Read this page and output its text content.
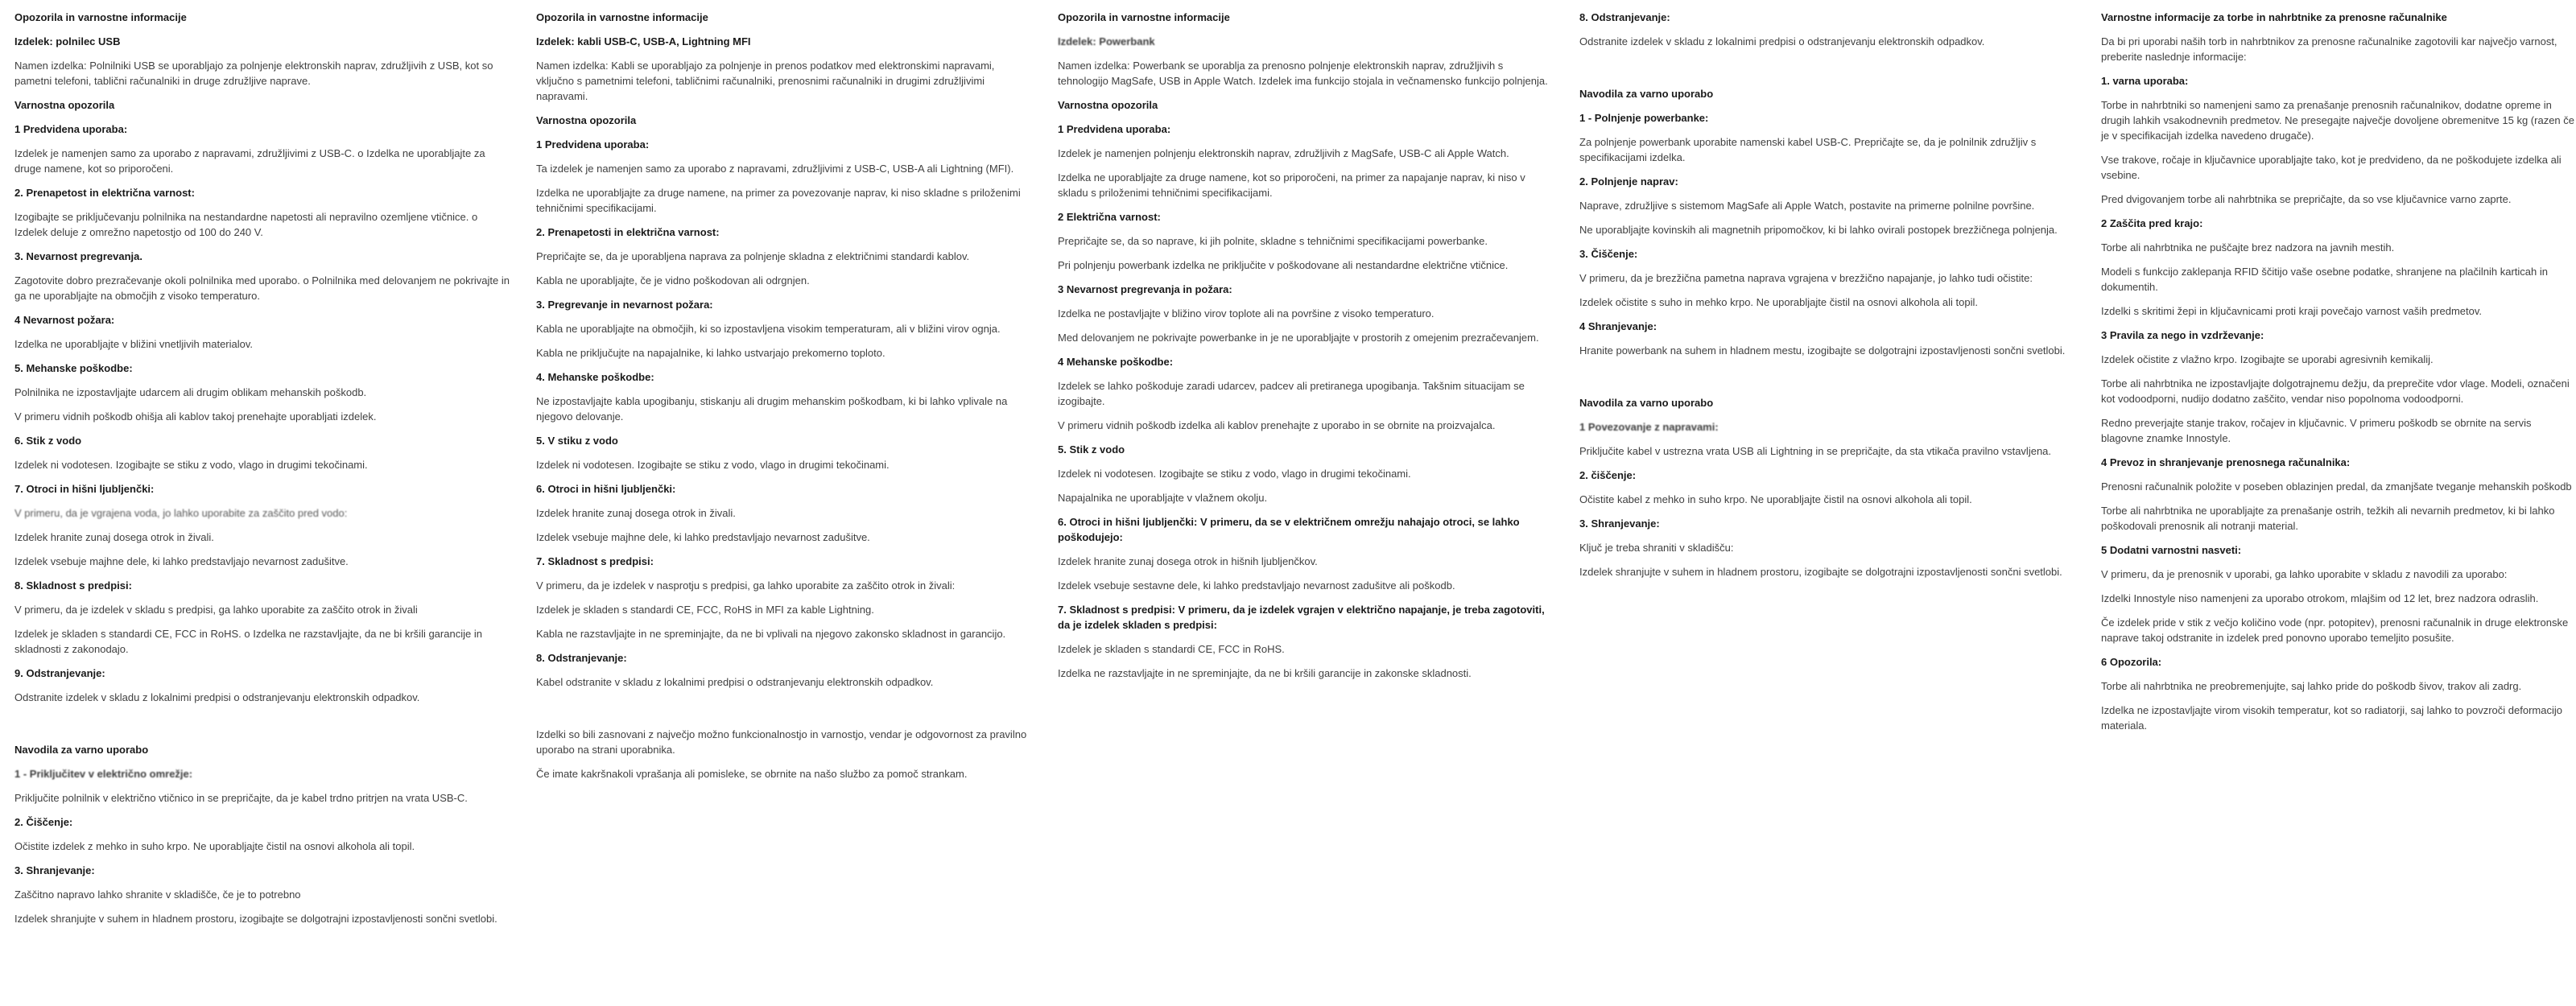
Opozorila in varnostne informacije
Izdelek: polnilec USB

Namen izdelka: Polnilniki USB se uporabljajo za polnjenje elektronskih naprav, združljivih z USB, kot so pametni telefoni, tablični računalniki in druge združljive naprave.

Varnostna opozorila
1 Predvidena uporaba:

Izdelek je namenjen samo za uporabo z napravami, združljivimi z USB-C. o Izdelka ne uporabljajte za druge namene, kot so priporočeni.

2. Prenapetost in električna varnost:

Izogibajte se priključevanju polnilnika na nestandardne napetosti ali nepravilno ozemljene vtičnice. o Izdelek deluje z omrežno napetostjo od 100 do 240 V.

3. Nevarnost pregrevanja.

Zagotovite dobro prezračevanje okoli polnilnika med uporabo. o Polnilnika med delovanjem ne pokrivajte in ga ne uporabljajte na območjih z visoko temperaturo.

4 Nevarnost požara:

Izdelka ne uporabljajte v bližini vnetljivih materialov.

5. Mehanske poškodbe:

Polnilnika ne izpostavljajte udarcem ali drugim oblikam mehanskih poškodb.

V primeru vidnih poškodb ohišja ali kablov takoj prenehajte uporabljati izdelek.

6. Stik z vodo

Izdelek ni vodotesen. Izogibajte se stiku z vodo, vlago in drugimi tekočinami.

7. Otroci in hišni ljubljenčki:

V primeru, da je vgrajena voda, jo lahko uporabite za zaščito pred vodo:

Izdelek hranite zunaj dosega otrok in živali.

Izdelek vsebuje majhne dele, ki lahko predstavljajo nevarnost zadušitve.

8. Skladnost s predpisi:

V primeru, da je izdelek v skladu s predpisi, ga lahko uporabite za zaščito otrok in živali

Izdelek je skladen s standardi CE, FCC in RoHS. o Izdelka ne razstavljajte, da ne bi kršili garancije in skladnosti z zakonodajo.

9. Odstranjevanje:

Odstranite izdelek v skladu z lokalnimi predpisi o odstranjevanju elektronskih odpadkov.

Navodila za varno uporabo
1 - Priključitev v električno omrežje:

Priključite polnilnik v električno vtičnico in se prepričajte, da je kabel trdno pritrjen na vrata USB-C.

2. Čiščenje:

Očistite izdelek z mehko in suho krpo. Ne uporabljajte čistil na osnovi alkohola ali topil.

3. Shranjevanje:

Zaščitno napravo lahko shranite v skladišče, če je to potrebno

Izdelek shranjujte v suhem in hladnem prostoru, izogibajte se dolgotrajni izpostavljenosti sončni svetlobi.

Opozorila in varnostne informacije
Izdelek: kabli USB-C, USB-A, Lightning MFI

Namen izdelka: Kabli se uporabljajo za polnjenje in prenos podatkov med elektronskimi napravami, vključno s pametnimi telefoni, tabličnimi računalniki, prenosnimi računalniki in drugimi združljivimi napravami.

Varnostna opozorila
1 Predvidena uporaba:

Ta izdelek je namenjen samo za uporabo z napravami, združljivimi z USB-C, USB-A ali Lightning (MFI).

Izdelka ne uporabljajte za druge namene, na primer za povezovanje naprav, ki niso skladne s priloženimi tehničnimi specifikacijami.

2. Prenapetosti in električna varnost:

Prepričajte se, da je uporabljena naprava za polnjenje skladna z električnimi standardi kablov.

Kabla ne uporabljajte, če je vidno poškodovan ali odrgnjen.

3. Pregrevanje in nevarnost požara:

Kabla ne uporabljajte na območjih, ki so izpostavljena visokim temperaturam, ali v bližini virov ognja.

Kabla ne priključujte na napajalnike, ki lahko ustvarjajo prekomerno toploto.

4. Mehanske poškodbe:

Ne izpostavljajte kabla upogibanju, stiskanju ali drugim mehanskim poškodbam, ki bi lahko vplivale na njegovo delovanje.

5. V stiku z vodo

Izdelek ni vodotesen. Izogibajte se stiku z vodo, vlago in drugimi tekočinami.

6. Otroci in hišni ljubljenčki:

Izdelek hranite zunaj dosega otrok in živali.

Izdelek vsebuje majhne dele, ki lahko predstavljajo nevarnost zadušitve.

7. Skladnost s predpisi:

V primeru, da je izdelek v nasprotju s predpisi, ga lahko uporabite za zaščito otrok in živali:

Izdelek je skladen s standardi CE, FCC, RoHS in MFI za kable Lightning.

Kabla ne razstavljajte in ne spreminjajte, da ne bi vplivali na njegovo zakonsko skladnost in garancijo.

8. Odstranjevanje:

Kabel odstranite v skladu z lokalnimi predpisi o odstranjevanju elektronskih odpadkov.

Izdelki so bili zasnovani z največjo možno funkcionalnostjo in varnostjo, vendar je odgovornost za pravilno uporabo na strani uporabnika.

Če imate kakršnakoli vprašanja ali pomisleke, se obrnite na našo službo za pomoč strankam.

Opozorila in varnostne informacije
Izdelek: Powerbank

Namen izdelka: Powerbank se uporablja za prenosno polnjenje elektronskih naprav, združljivih s tehnologijo MagSafe, USB in Apple Watch. Izdelek ima funkcijo stojala in večnamensko funkcijo polnjenja.

Varnostna opozorila
1 Predvidena uporaba:

Izdelek je namenjen polnjenju elektronskih naprav, združljivih z MagSafe, USB-C ali Apple Watch.

Izdelka ne uporabljajte za druge namene, kot so priporočeni, na primer za napajanje naprav, ki niso v skladu s priloženimi tehničnimi specifikacijami.

2 Električna varnost:

Prepričajte se, da so naprave, ki jih polnite, skladne s tehničnimi specifikacijami powerbanke.

Pri polnjenju powerbank izdelka ne priključite v poškodovane ali nestandardne električne vtičnice.

3 Nevarnost pregrevanja in požara:

Izdelka ne postavljajte v bližino virov toplote ali na površine z visoko temperaturo.

Med delovanjem ne pokrivajte powerbanke in je ne uporabljajte v prostorih z omejenim prezračevanjem.

4 Mehanske poškodbe:

Izdelek se lahko poškoduje zaradi udarcev, padcev ali pretiranega upogibanja. Takšnim situacijam se izogibajte.

V primeru vidnih poškodb izdelka ali kablov prenehajte z uporabo in se obrnite na proizvajalca.

5. Stik z vodo

Izdelek ni vodotesen. Izogibajte se stiku z vodo, vlago in drugimi tekočinami.

Napajalnika ne uporabljajte v vlažnem okolju.

6. Otroci in hišni ljubljenčki: V primeru, da se v električnem omrežju nahajajo otroci, se lahko poškodujejo:

Izdelek hranite zunaj dosega otrok in hišnih ljubljenčkov.

Izdelek vsebuje sestavne dele, ki lahko predstavljajo nevarnost zadušitve ali poškodb.

7. Skladnost s predpisi: V primeru, da je izdelek vgrajen v električno napajanje, je treba zagotoviti, da je izdelek skladen s predpisi:

Izdelek je skladen s standardi CE, FCC in RoHS.

Izdelka ne razstavljajte in ne spreminjajte, da ne bi kršili garancije in zakonske skladnosti.

8. Odstranjevanje:

Odstranite izdelek v skladu z lokalnimi predpisi o odstranjevanju elektronskih odpadkov.

Navodila za varno uporabo
1 - Polnjenje powerbanke:

Za polnjenje powerbank uporabite namenski kabel USB-C. Prepričajte se, da je polnilnik združljiv s specifikacijami izdelka.

2. Polnjenje naprav:

Naprave, združljive s sistemom MagSafe ali Apple Watch, postavite na primerne polnilne površine.

Ne uporabljajte kovinskih ali magnetnih pripomočkov, ki bi lahko ovirali postopek brezžičnega polnjenja.

3. Čiščenje:

V primeru, da je brezžična pametna naprava vgrajena v brezžično napajanje, jo lahko tudi očistite:

Izdelek očistite s suho in mehko krpo. Ne uporabljajte čistil na osnovi alkohola ali topil.

4 Shranjevanje:

Hranite powerbank na suhem in hladnem mestu, izogibajte se dolgotrajni izpostavljenosti sončni svetlobi.

Navodila za varno uporabo
1 Povezovanje z napravami:

Priključite kabel v ustrezna vrata USB ali Lightning in se prepričajte, da sta vtikača pravilno vstavljena.

2. čiščenje:

Očistite kabel z mehko in suho krpo. Ne uporabljajte čistil na osnovi alkohola ali topil.

3. Shranjevanje:

Ključ je treba shraniti v skladišču:

Izdelek shranjujte v suhem in hladnem prostoru, izogibajte se dolgotrajni izpostavljenosti sončni svetlobi.

Varnostne informacije za torbe in nahrbtnike za prenosne računalnike

Da bi pri uporabi naših torb in nahrbtnikov za prenosne računalnike zagotovili kar največjo varnost, preberite naslednje informacije:

1. varna uporaba:

Torbe in nahrbtniki so namenjeni samo za prenašanje prenosnih računalnikov, dodatne opreme in drugih lahkih vsakodnevnih predmetov. Ne presegajte največje dovoljene obremenitve 15 kg (razen če je v specifikacijah izdelka navedeno drugače).

Vse trakove, ročaje in ključavnice uporabljajte tako, kot je predvideno, da ne poškodujete izdelka ali vsebine.

Pred dvigovanjem torbe ali nahrbtnika se prepričajte, da so vse ključavnice varno zaprte.

2 Zaščita pred krajo:

Torbe ali nahrbtnika ne puščajte brez nadzora na javnih mestih.

Modeli s funkcijo zaklepanja RFID ščitijo vaše osebne podatke, shranjene na plačilnih karticah in dokumentih.

Izdelki s skritimi žepi in ključavnicami proti kraji povečajo varnost vaših predmetov.

3 Pravila za nego in vzdrževanje:

Izdelek očistite z vlažno krpo. Izogibajte se uporabi agresivnih kemikalij.

Torbe ali nahrbtnika ne izpostavljajte dolgotrajnemu dežju, da preprečite vdor vlage. Modeli, označeni kot vodoodporni, nudijo dodatno zaščito, vendar niso popolnoma vodoodporni.

Redno preverjajte stanje trakov, ročajev in ključavnic. V primeru poškodb se obrnite na servis blagovne znamke Innostyle.

4 Prevoz in shranjevanje prenosnega računalnika:

Prenosni računalnik položite v poseben oblazinjen predal, da zmanjšate tveganje mehanskih poškodb

Torbe ali nahrbtnika ne uporabljajte za prenašanje ostrih, težkih ali nevarnih predmetov, ki bi lahko poškodovali prenosnik ali notranji material.

5 Dodatni varnostni nasveti:

V primeru, da je prenosnik v uporabi, ga lahko uporabite v skladu z navodili za uporabo:

Izdelki Innostyle niso namenjeni za uporabo otrokom, mlajšim od 12 let, brez nadzora odraslih.

Če izdelek pride v stik z večjo količino vode (npr. potopitev), prenosni računalnik in druge elektronske naprave takoj odstranite in izdelek pred ponovno uporabo temeljito posušite.

6 Opozorila:

Torbe ali nahrbtnika ne preobremenjujte, saj lahko pride do poškodb šivov, trakov ali zadrg.

Izdelka ne izpostavljajte virom visokih temperatur, kot so radiatorji, saj lahko to povzroči deformacijo materiala.
